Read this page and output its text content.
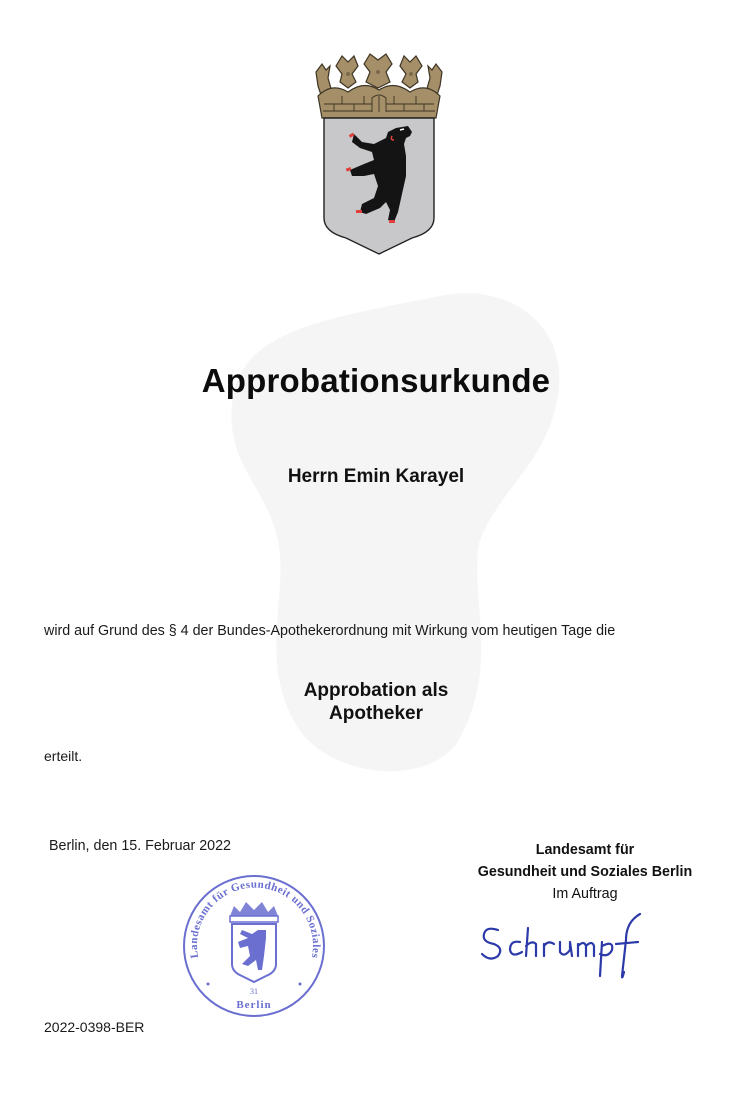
Approbationsurkunde
Herrn Emin Karayel
wird auf Grund des § 4 der Bundes-Apothekerordnung mit Wirkung vom heutigen Tage die
Approbation als
Apotheker
erteilt.
Berlin, den 15. Februar 2022	Landesamt für
Gesundheit und Soziales Berlin
Im Auftrag
Landesamt für Gesundheit und Soziales
31
Berlin
2022-0398-BER
